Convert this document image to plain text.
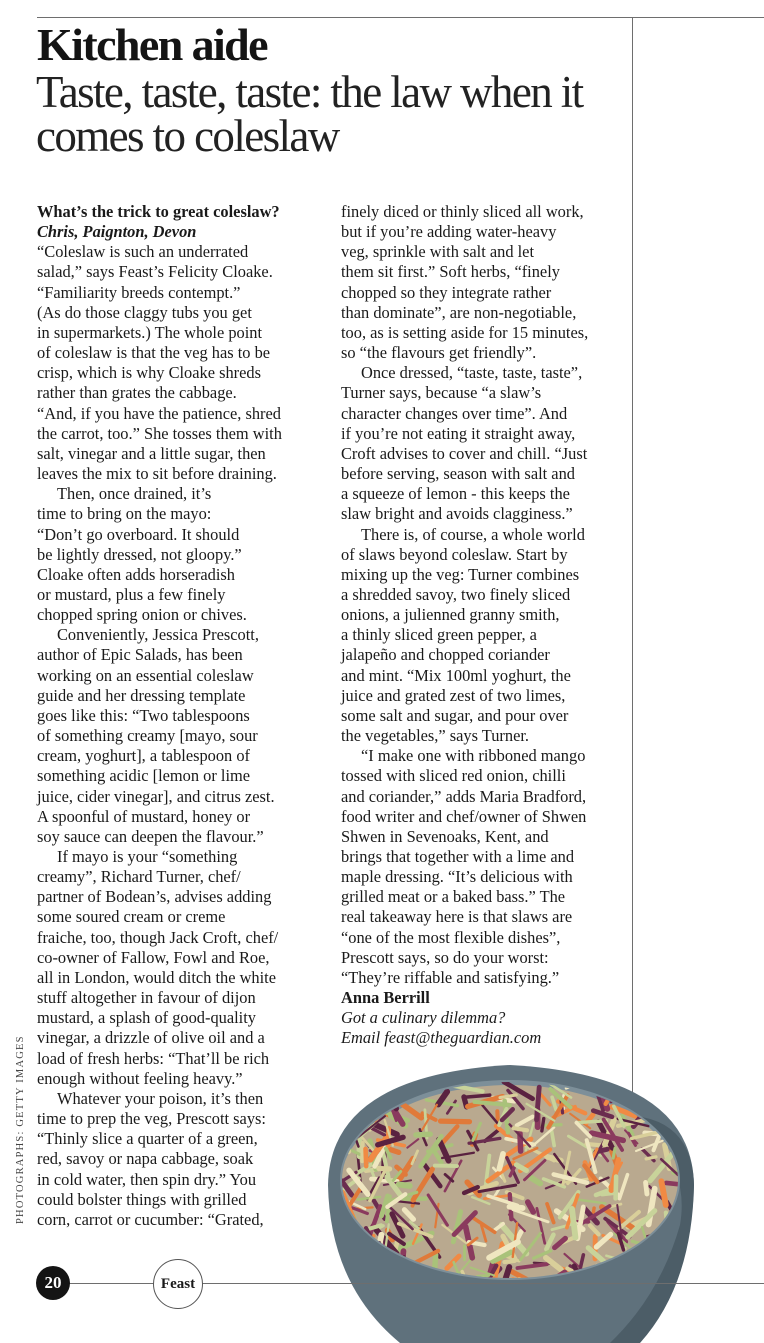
Kitchen aide
Taste, taste, taste: the law when it comes to coleslaw
What’s the trick to great coleslaw?
Chris, Paignton, Devon
“Coleslaw is such an underrated
salad,” says Feast’s Felicity Cloake.
“Familiarity breeds contempt.”
(As do those claggy tubs you get
in supermarkets.) The whole point
of coleslaw is that the veg has to be
crisp, which is why Cloake shreds
rather than grates the cabbage.
“And, if you have the patience, shred
the carrot, too.” She tosses them with
salt, vinegar and a little sugar, then
leaves the mix to sit before draining.
Then, once drained, it’s
time to bring on the mayo:
“Don’t go overboard. It should
be lightly dressed, not gloopy.”
Cloake often adds horseradish
or mustard, plus a few finely
chopped spring onion or chives.
Conveniently, Jessica Prescott,
author of Epic Salads, has been
working on an essential coleslaw
guide and her dressing template
goes like this: “Two tablespoons
of something creamy [mayo, sour
cream, yoghurt], a tablespoon of
something acidic [lemon or lime
juice, cider vinegar], and citrus zest.
A spoonful of mustard, honey or
soy sauce can deepen the flavour.”
If mayo is your “something
creamy”, Richard Turner, chef/
partner of Bodean’s, advises adding
some soured cream or creme
fraiche, too, though Jack Croft, chef/
co-owner of Fallow, Fowl and Roe,
all in London, would ditch the white
stuff altogether in favour of dijon
mustard, a splash of good-quality
vinegar, a drizzle of olive oil and a
load of fresh herbs: “That’ll be rich
enough without feeling heavy.”
Whatever your poison, it’s then
time to prep the veg, Prescott says:
“Thinly slice a quarter of a green,
red, savoy or napa cabbage, soak
in cold water, then spin dry.” You
could bolster things with grilled
corn, carrot or cucumber: “Grated,
finely diced or thinly sliced all work,
but if you’re adding water-heavy
veg, sprinkle with salt and let
them sit first.” Soft herbs, “finely
chopped so they integrate rather
than dominate”, are non-negotiable,
too, as is setting aside for 15 minutes,
so “the flavours get friendly”.
Once dressed, “taste, taste, taste”,
Turner says, because “a slaw’s
character changes over time”. And
if you’re not eating it straight away,
Croft advises to cover and chill. “Just
before serving, season with salt and
a squeeze of lemon - this keeps the
slaw bright and avoids clagginess.”
There is, of course, a whole world
of slaws beyond coleslaw. Start by
mixing up the veg: Turner combines
a shredded savoy, two finely sliced
onions, a julienned granny smith,
a thinly sliced green pepper, a
jalapeño and chopped coriander
and mint. “Mix 100ml yoghurt, the
juice and grated zest of two limes,
some salt and sugar, and pour over
the vegetables,” says Turner.
“I make one with ribboned mango
tossed with sliced red onion, chilli
and coriander,” adds Maria Bradford,
food writer and chef/owner of Shwen
Shwen in Sevenoaks, Kent, and
brings that together with a lime and
maple dressing. “It’s delicious with
grilled meat or a baked bass.” The
real takeaway here is that slaws are
“one of the most flexible dishes”,
Prescott says, so do your worst:
“They’re riffable and satisfying.”
Anna Berrill
Got a culinary dilemma?
Email feast@theguardian.com
PHOTOGRAPHS: GETTY IMAGES
20	Feast
